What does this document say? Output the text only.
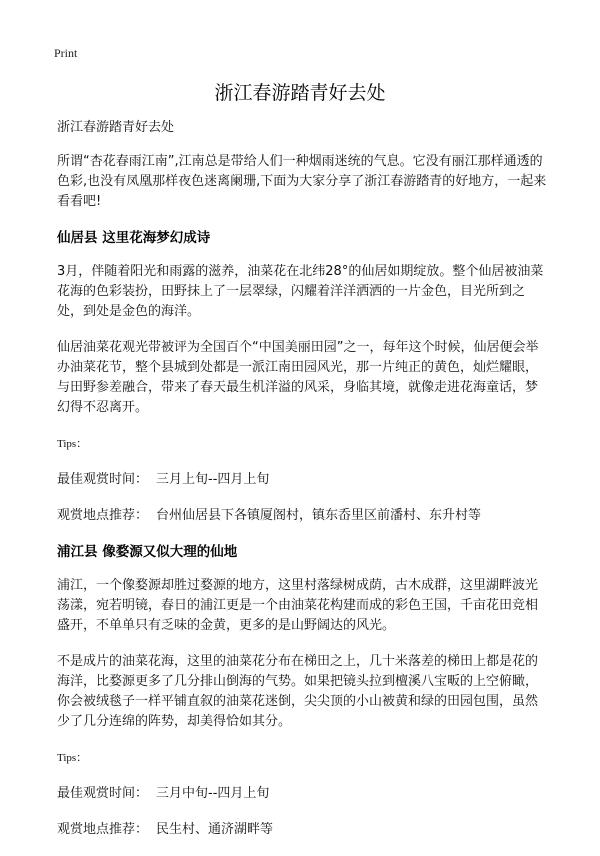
Print
浙江春游踏青好去处

浙江春游踏青好去处

所谓“杏花春雨江南”,江南总是带给人们一种烟雨迷统的气息。它没有丽江那样通透的色彩,也没有凤凰那样夜色迷离阑珊,下面为大家分享了浙江春游踏青的好地方，一起来看看吧!

仙居县 这里花海梦幻成诗

3月，伴随着阳光和雨露的滋养，油菜花在北纬28°的仙居如期绽放。整个仙居被油菜花海的色彩装扮，田野抹上了一层翠绿，闪耀着洋洋洒洒的一片金色，目光所到之处，到处是金色的海洋。

仙居油菜花观光带被评为全国百个“中国美丽田园”之一，每年这个时候，仙居便会举办油菜花节，整个县城到处都是一派江南田园风光，那一片纯正的黄色，灿烂耀眼，与田野参差融合，带来了春天最生机洋溢的风采，身临其境，就像走进花海童话，梦幻得不忍离开。

Tips：

最佳观赏时间： 三月上旬--四月上旬

观赏地点推荐： 台州仙居县下各镇厦阁村，镇东岙里区前潘村、东升村等

浦江县 像婺源又似大理的仙地

浦江，一个像婺源却胜过婺源的地方，这里村落绿树成荫，古木成群，这里湖畔波光荡漾，宛若明镜，春日的浦江更是一个由油菜花构建而成的彩色王国，千亩花田竞相盛开，不单单只有乏味的金黄，更多的是山野阔达的风光。

不是成片的油菜花海，这里的油菜花分布在梯田之上，几十米落差的梯田上都是花的海洋，比婺源更多了几分排山倒海的气势。如果把镜头拉到檀溪八宝畈的上空俯瞰，你会被绒毯子一样平铺直叙的油菜花迷倒，尖尖顶的小山被黄和绿的田园包围，虽然少了几分连绵的阵势，却美得恰如其分。

Tips：

最佳观赏时间： 三月中旬--四月上旬

观赏地点推荐： 民生村、通济湖畔等
